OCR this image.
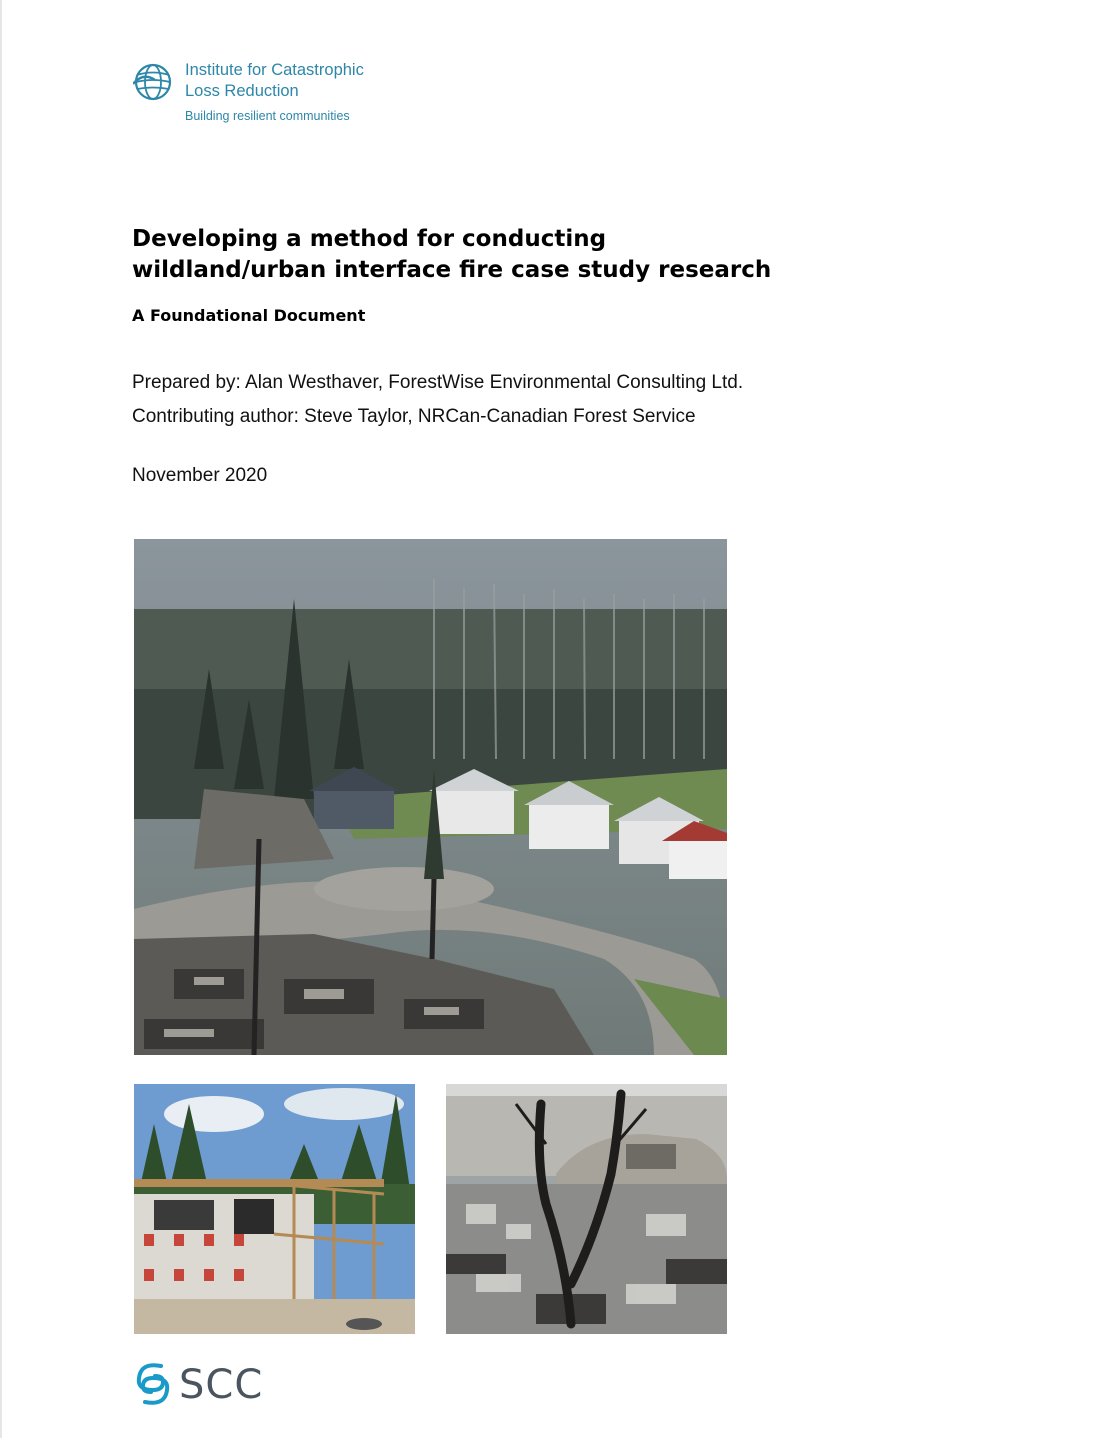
Institute for Catastrophic
Loss Reduction
Building resilient communities
Developing a method for conducting
wildland/urban interface fire case study research
A Foundational Document
Prepared by: Alan Westhaver, ForestWise Environmental Consulting Ltd.
Contributing author: Steve Taylor, NRCan-Canadian Forest Service
November 2020
SCC
